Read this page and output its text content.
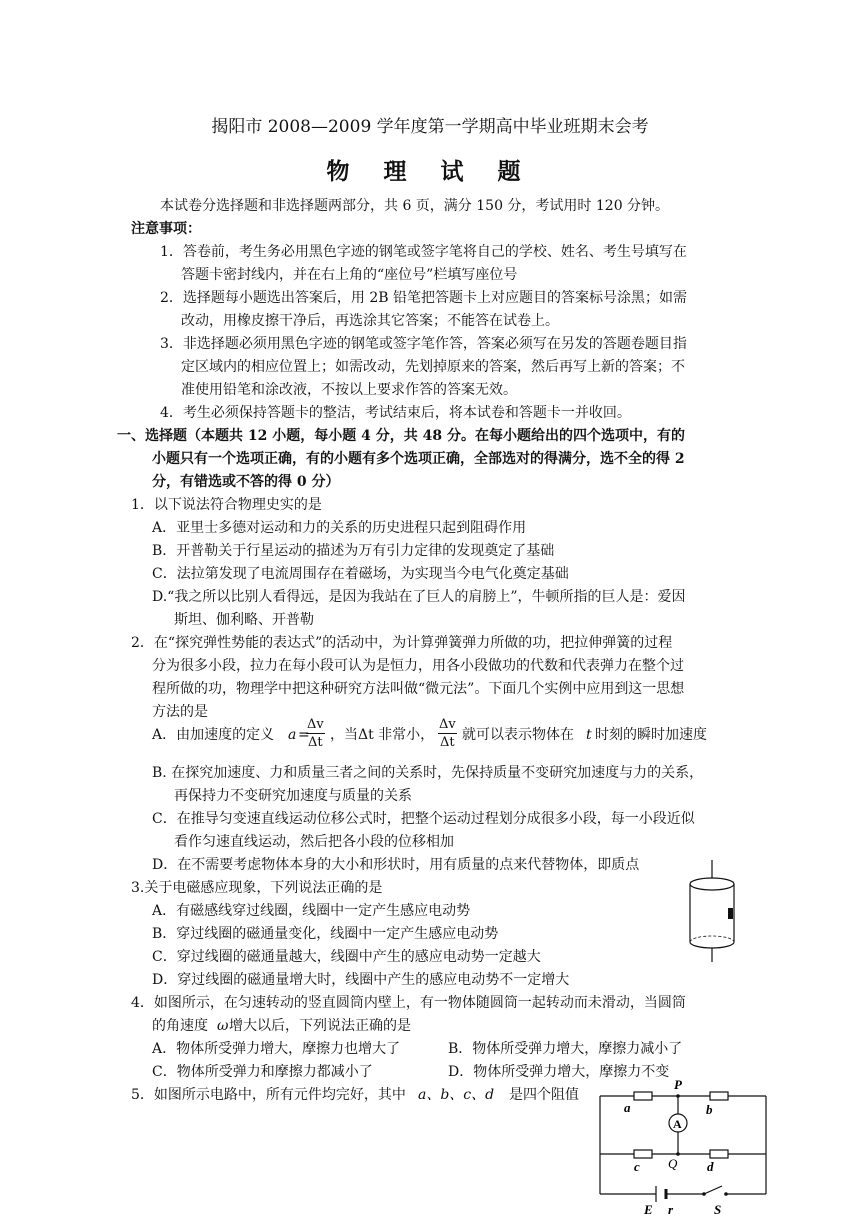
揭阳市 2008—2009 学年度第一学期高中毕业班期末会考
物 理 试 题
本试卷分选择题和非选择题两部分，共 6 页，满分 150 分，考试用时 120 分钟。
注意事项：
1．答卷前，考生务必用黑色字迹的钢笔或签字笔将自己的学校、姓名、考生号填写在
答题卡密封线内，并在右上角的“座位号”栏填写座位号
2．选择题每小题选出答案后，用 2B 铅笔把答题卡上对应题目的答案标号涂黑；如需
改动，用橡皮擦干净后，再选涂其它答案；不能答在试卷上。
3．非选择题必须用黑色字迹的钢笔或签字笔作答，答案必须写在另发的答题卷题目指
定区域内的相应位置上；如需改动，先划掉原来的答案，然后再写上新的答案；不
准使用铅笔和涂改液，不按以上要求作答的答案无效。
4．考生必须保持答题卡的整洁，考试结束后，将本试卷和答题卡一并收回。
一、选择题（本题共 12 小题，每小题 4 分，共 48 分。在每小题给出的四个选项中，有的
小题只有一个选项正确，有的小题有多个选项正确，全部选对的得满分，选不全的得 2
分，有错选或不答的得 0 分）
1．以下说法符合物理史实的是
A．亚里士多德对运动和力的关系的历史进程只起到阻碍作用
B．开普勒关于行星运动的描述为万有引力定律的发现奠定了基础
C．法拉第发现了电流周围存在着磁场，为实现当今电气化奠定基础
D.“我之所以比别人看得远，是因为我站在了巨人的肩膀上”，牛顿所指的巨人是：爱因
斯坦、伽利略、开普勒
2．在“探究弹性势能的表达式”的活动中，为计算弹簧弹力所做的功，把拉伸弹簧的过程
分为很多小段，拉力在每小段可认为是恒力，用各小段做功的代数和代表弹力在整个过
程所做的功，物理学中把这种研究方法叫做“微元法”。下面几个实例中应用到这一思想
方法的是
A．由加速度的定义 a =
$\frac{\Delta v}{\Delta t}$ ，当Δt 非常小， $\frac{\Delta v}{\Delta t}$ 就可以表示物体在 t 时刻的瞬时加速度
B. 在探究加速度、力和质量三者之间的关系时，先保持质量不变研究加速度与力的关系，
再保持力不变研究加速度与质量的关系
C．在推导匀变速直线运动位移公式时，把整个运动过程划分成很多小段，每一小段近似
看作匀速直线运动，然后把各小段的位移相加
D．在不需要考虑物体本身的大小和形状时，用有质量的点来代替物体，即质点
3.关于电磁感应现象，下列说法正确的是
A．有磁感线穿过线圈，线圈中一定产生感应电动势
B．穿过线圈的磁通量变化，线圈中一定产生感应电动势
C．穿过线圈的磁通量越大，线圈中产生的感应电动势一定越大
D．穿过线圈的磁通量增大时，线圈中产生的感应电动势不一定增大
4．如图所示，在匀速转动的竖直圆筒内壁上，有一物体随圆筒一起转动而未滑动，当圆筒
的角速度 ω 增大以后，下列说法正确的是
A．物体所受弹力增大，摩擦力也增大了	B．物体所受弹力增大，摩擦力减小了
C．物体所受弹力和摩擦力都减小了	D．物体所受弹力增大，摩擦力不变
5．如图所示电路中，所有元件均完好，其中 a、b、c、d 是四个阻值
P
a	b
A
c Q d
E r	S
